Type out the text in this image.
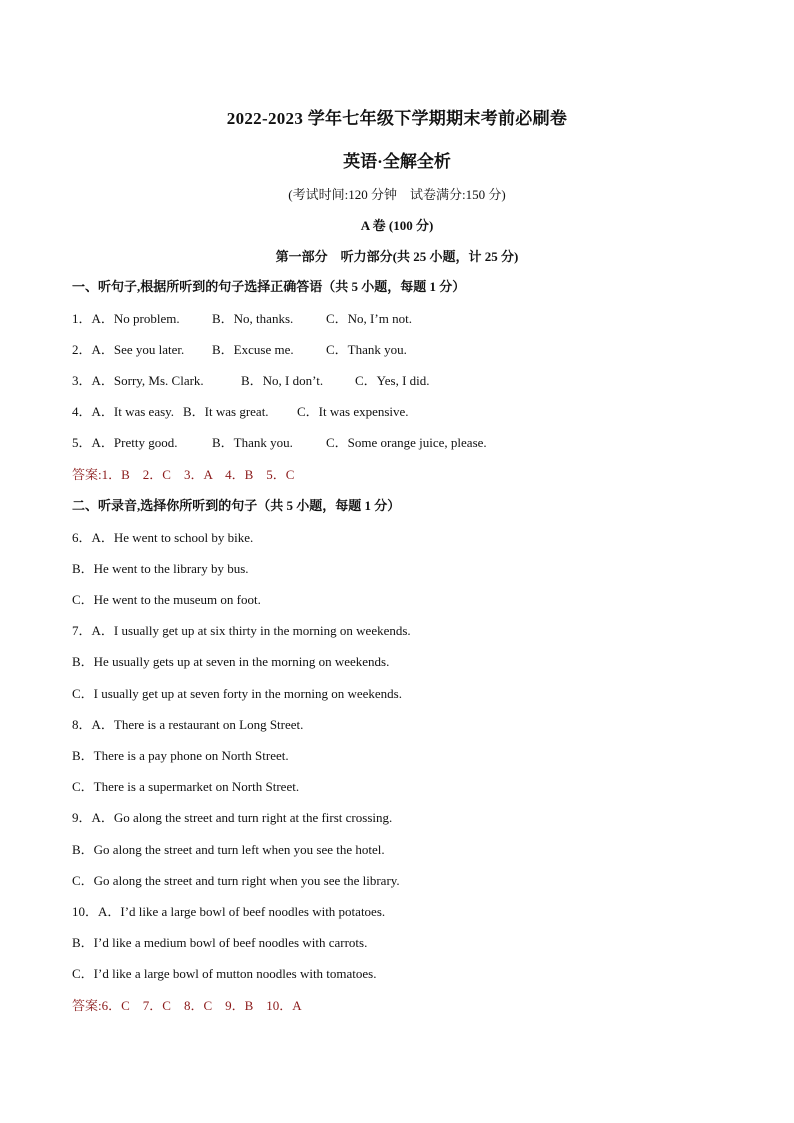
2022-2023 学年七年级下学期期末考前必刷卷
英语·全解全析
(考试时间:120 分钟　试卷满分:150 分)
A 卷 (100 分)
第一部分　听力部分(共 25 小题，计 25 分)
一、听句子,根据所听到的句子选择正确答语（共 5 小题，每题 1 分）
1．A．No problem. B．No, thanks.	C．No, I’m not.
2．A．See you later. B．Excuse me. C．Thank you.
3．A．Sorry, Ms. Clark.	B．No, I don’t. C．Yes, I did.
4．A．It was easy. B．It was great. C．It was expensive.
5．A．Pretty good.	B．Thank you.	C．Some orange juice, please.
答案:1．B　2．C　3．A　4．B　5．C
二、听录音,选择你所听到的句子（共 5 小题，每题 1 分）
6．A．He went to school by bike.
B．He went to the library by bus.
C．He went to the museum on foot.
7．A．I usually get up at six thirty in the morning on weekends.
B．He usually gets up at seven in the morning on weekends.
C．I usually get up at seven forty in the morning on weekends.
8．A．There is a restaurant on Long Street.
B．There is a pay phone on North Street.
C．There is a supermarket on North Street.
9．A．Go along the street and turn right at the first crossing.
B．Go along the street and turn left when you see the hotel.
C．Go along the street and turn right when you see the library.
10．A．I’d like a large bowl of beef noodles with potatoes.
B．I’d like a medium bowl of beef noodles with carrots.
C．I’d like a large bowl of mutton noodles with tomatoes.
答案:6．C　7．C　8．C　9．B　10．A
